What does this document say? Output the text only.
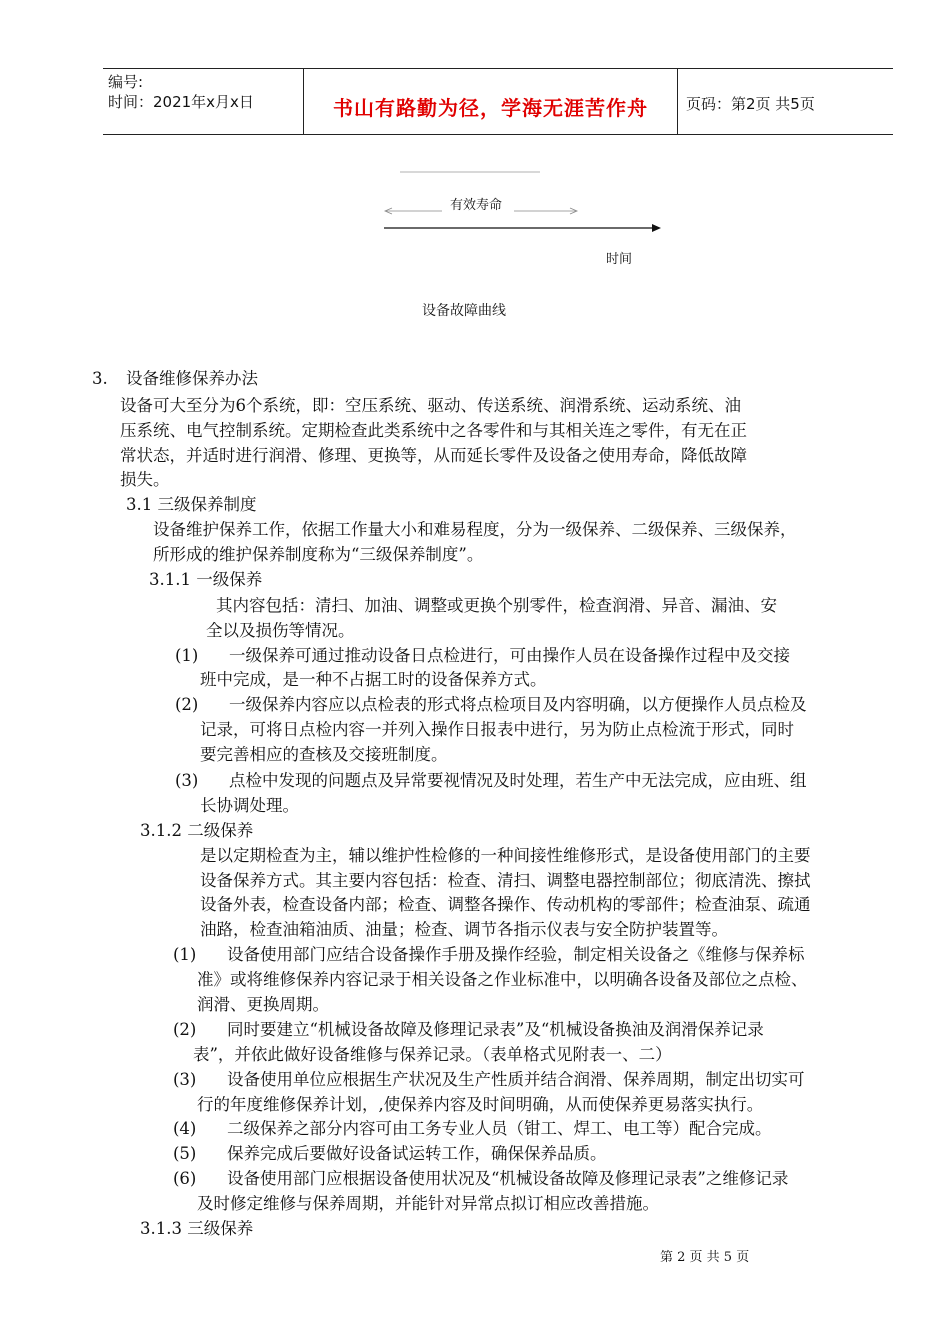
编号:
时间：2021年x月x日	书山有路勤为径，学海无涯苦作舟	页码：第2页 共5页
有效寿命
时间
设备故障曲线
3. 设备维修保养办法
设备可大至分为6个系统，即：空压系统、驱动、传送系统、润滑系统、运动系统、油
压系统、电气控制系统。定期检查此类系统中之各零件和与其相关连之零件，有无在正
常状态，并适时进行润滑、修理、更换等，从而延长零件及设备之使用寿命，降低故障
损失。
3.1 三级保养制度
设备维护保养工作，依据工作量大小和难易程度，分为一级保养、二级保养、三级保养，
所形成的维护保养制度称为“三级保养制度”。
3.1.1 一级保养
其内容包括：清扫、加油、调整或更换个别零件，检查润滑、异音、漏油、安
全以及损伤等情况。
(1) 一级保养可通过推动设备日点检进行，可由操作人员在设备操作过程中及交接
班中完成，是一种不占据工时的设备保养方式。
(2) 一级保养内容应以点检表的形式将点检项目及内容明确，以方便操作人员点检及
记录，可将日点检内容一并列入操作日报表中进行，另为防止点检流于形式，同时
要完善相应的查核及交接班制度。
(3) 点检中发现的问题点及异常要视情况及时处理，若生产中无法完成，应由班、组
长协调处理。
3.1.2 二级保养
是以定期检查为主，辅以维护性检修的一种间接性维修形式，是设备使用部门的主要
设备保养方式。其主要内容包括：检查、清扫、调整电器控制部位；彻底清洗、擦拭
设备外表，检查设备内部；检查、调整各操作、传动机构的零部件；检查油泵、疏通
油路，检查油箱油质、油量；检查、调节各指示仪表与安全防护装置等。
(1) 设备使用部门应结合设备操作手册及操作经验，制定相关设备之《维修与保养标
准》或将维修保养内容记录于相关设备之作业标准中，以明确各设备及部位之点检、
润滑、更换周期。
(2) 同时要建立“机械设备故障及修理记录表”及“机械设备换油及润滑保养记录
表”，并依此做好设备维修与保养记录。（表单格式见附表一、二）
(3) 设备使用单位应根据生产状况及生产性质并结合润滑、保养周期，制定出切实可
行的年度维修保养计划，,使保养内容及时间明确，从而使保养更易落实执行。
(4) 二级保养之部分内容可由工务专业人员（钳工、焊工、电工等）配合完成。
(5) 保养完成后要做好设备试运转工作，确保保养品质。
(6) 设备使用部门应根据设备使用状况及“机械设备故障及修理记录表”之维修记录
及时修定维修与保养周期，并能针对异常点拟订相应改善措施。
3.1.3 三级保养
第 2 页 共 5 页
